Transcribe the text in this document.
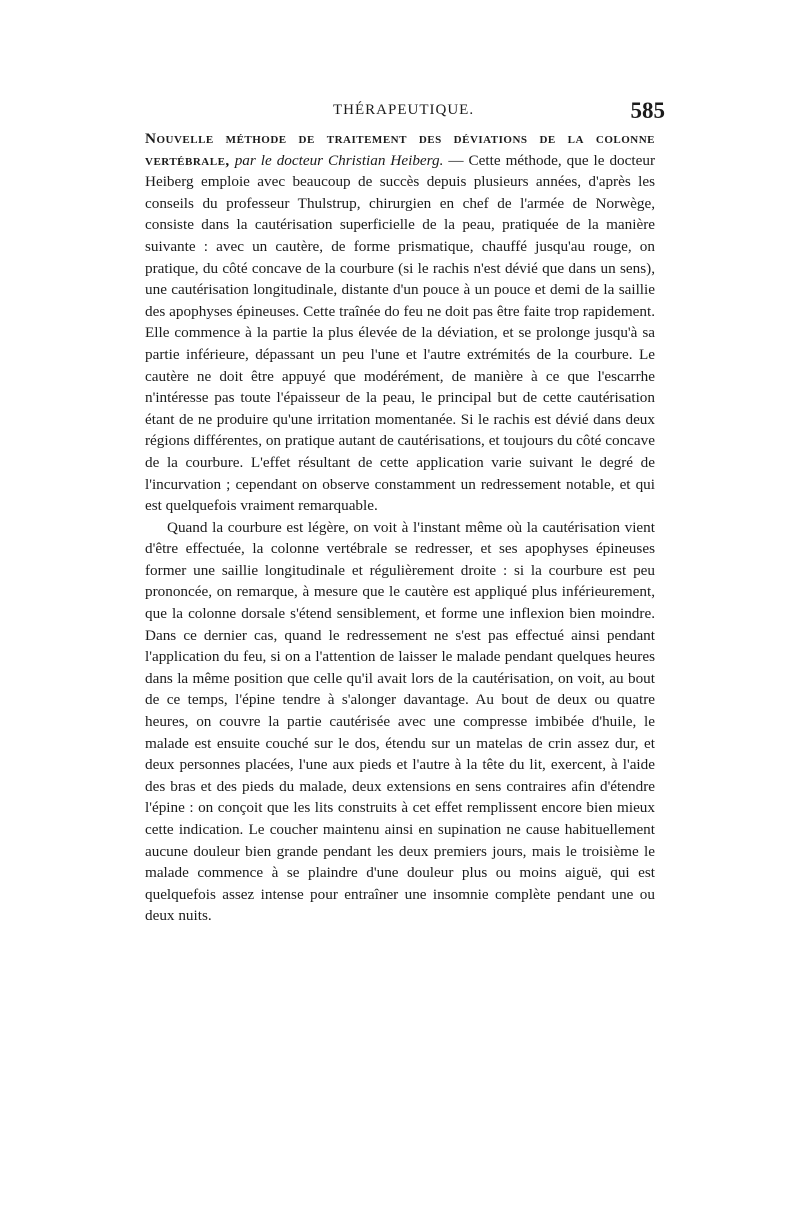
THÉRAPEUTIQUE.	585

Nouvelle méthode de traitement des déviations de la colonne vertébrale, par le docteur Christian Heiberg. — Cette méthode, que le docteur Heiberg emploie avec beaucoup de succès depuis plusieurs années, d'après les conseils du professeur Thulstrup, chirurgien en chef de l'armée de Norwège, consiste dans la cautérisation superficielle de la peau, pratiquée de la manière suivante : avec un cautère, de forme prismatique, chauffé jusqu'au rouge, on pratique, du côté concave de la courbure (si le rachis n'est dévié que dans un sens), une cautérisation longitudinale, distante d'un pouce à un pouce et demi de la saillie des apophyses épineuses. Cette traînée do feu ne doit pas être faite trop rapidement. Elle commence à la partie la plus élevée de la déviation, et se prolonge jusqu'à sa partie inférieure, dépassant un peu l'une et l'autre extrémités de la courbure. Le cautère ne doit être appuyé que modérément, de manière à ce que l'escarrhe n'intéresse pas toute l'épaisseur de la peau, le principal but de cette cautérisation étant de ne produire qu'une irritation momentanée. Si le rachis est dévié dans deux régions différentes, on pratique autant de cautérisations, et toujours du côté concave de la courbure. L'effet résultant de cette application varie suivant le degré de l'incurvation ; cependant on observe constamment un redressement notable, et qui est quelquefois vraiment remarquable.

Quand la courbure est légère, on voit à l'instant même où la cautérisation vient d'être effectuée, la colonne vertébrale se redresser, et ses apophyses épineuses former une saillie longitudinale et régulièrement droite : si la courbure est peu prononcée, on remarque, à mesure que le cautère est appliqué plus inférieurement, que la colonne dorsale s'étend sensiblement, et forme une inflexion bien moindre. Dans ce dernier cas, quand le redressement ne s'est pas effectué ainsi pendant l'application du feu, si on a l'attention de laisser le malade pendant quelques heures dans la même position que celle qu'il avait lors de la cautérisation, on voit, au bout de ce temps, l'épine tendre à s'alonger davantage. Au bout de deux ou quatre heures, on couvre la partie cautérisée avec une compresse imbibée d'huile, le malade est ensuite couché sur le dos, étendu sur un matelas de crin assez dur, et deux personnes placées, l'une aux pieds et l'autre à la tête du lit, exercent, à l'aide des bras et des pieds du malade, deux extensions en sens contraires afin d'étendre l'épine : on conçoit que les lits construits à cet effet remplissent encore bien mieux cette indication. Le coucher maintenu ainsi en supination ne cause habituellement aucune douleur bien grande pendant les deux premiers jours, mais le troisième le malade commence à se plaindre d'une douleur plus ou moins aiguë, qui est quelquefois assez intense pour entraîner une insomnie complète pendant une ou deux nuits.
